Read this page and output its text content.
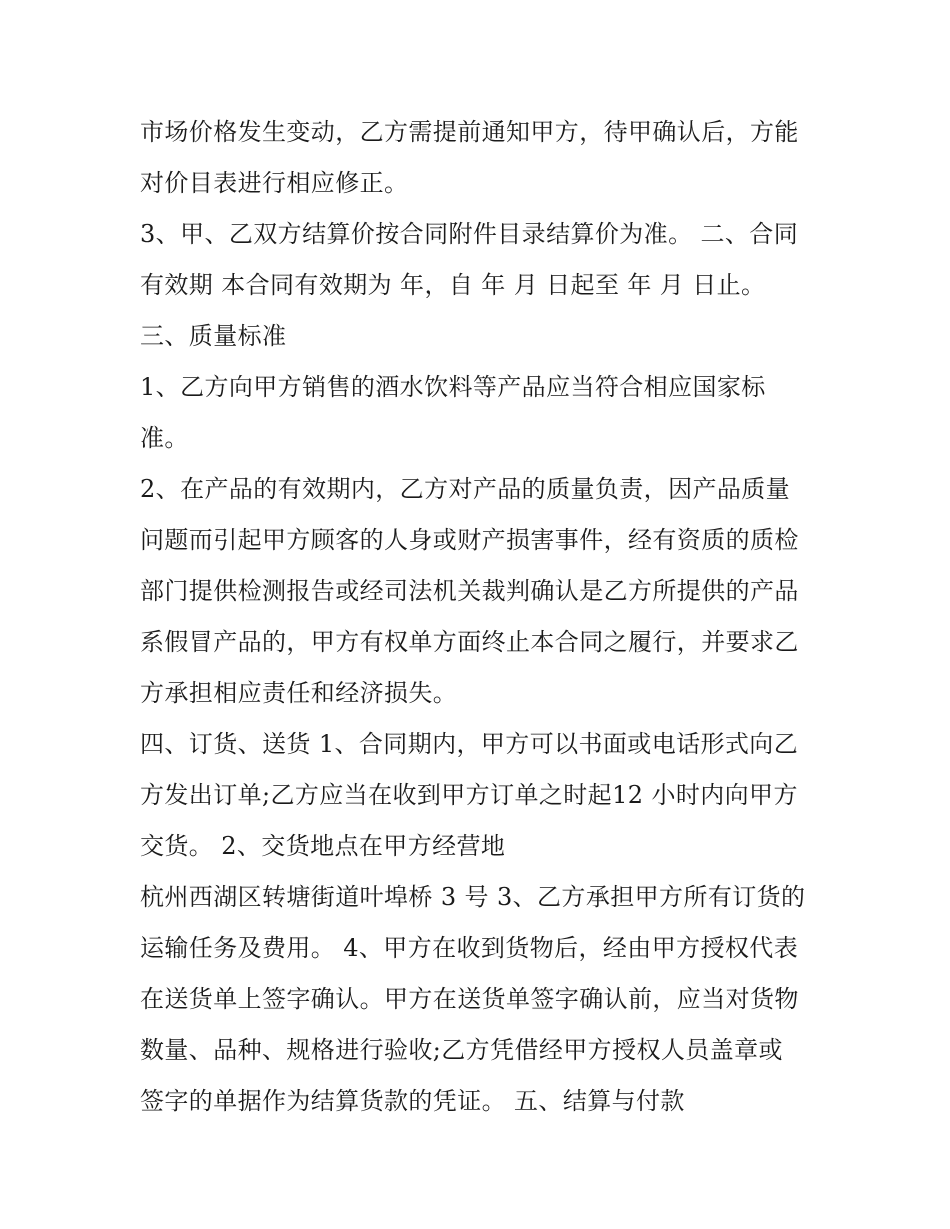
市场价格发生变动，乙方需提前通知甲方，待甲确认后，方能
对价目表进行相应修正。
3、甲、乙双方结算价按合同附件目录结算价为准。 二、合同
有效期 本合同有效期为 年，自 年 月 日起至 年 月 日止。
三、质量标准
1、乙方向甲方销售的酒水饮料等产品应当符合相应国家标
准。
2、在产品的有效期内，乙方对产品的质量负责，因产品质量
问题而引起甲方顾客的人身或财产损害事件，经有资质的质检
部门提供检测报告或经司法机关裁判确认是乙方所提供的产品
系假冒产品的，甲方有权单方面终止本合同之履行，并要求乙
方承担相应责任和经济损失。
四、订货、送货 1、合同期内，甲方可以书面或电话形式向乙
方发出订单;乙方应当在收到甲方订单之时起12 小时内向甲方
交货。 2、交货地点在甲方经营地
杭州西湖区转塘街道叶埠桥 3 号 3、乙方承担甲方所有订货的
运输任务及费用。 4、甲方在收到货物后，经由甲方授权代表
在送货单上签字确认。甲方在送货单签字确认前，应当对货物
数量、品种、规格进行验收;乙方凭借经甲方授权人员盖章或
签字的单据作为结算货款的凭证。 五、结算与付款
